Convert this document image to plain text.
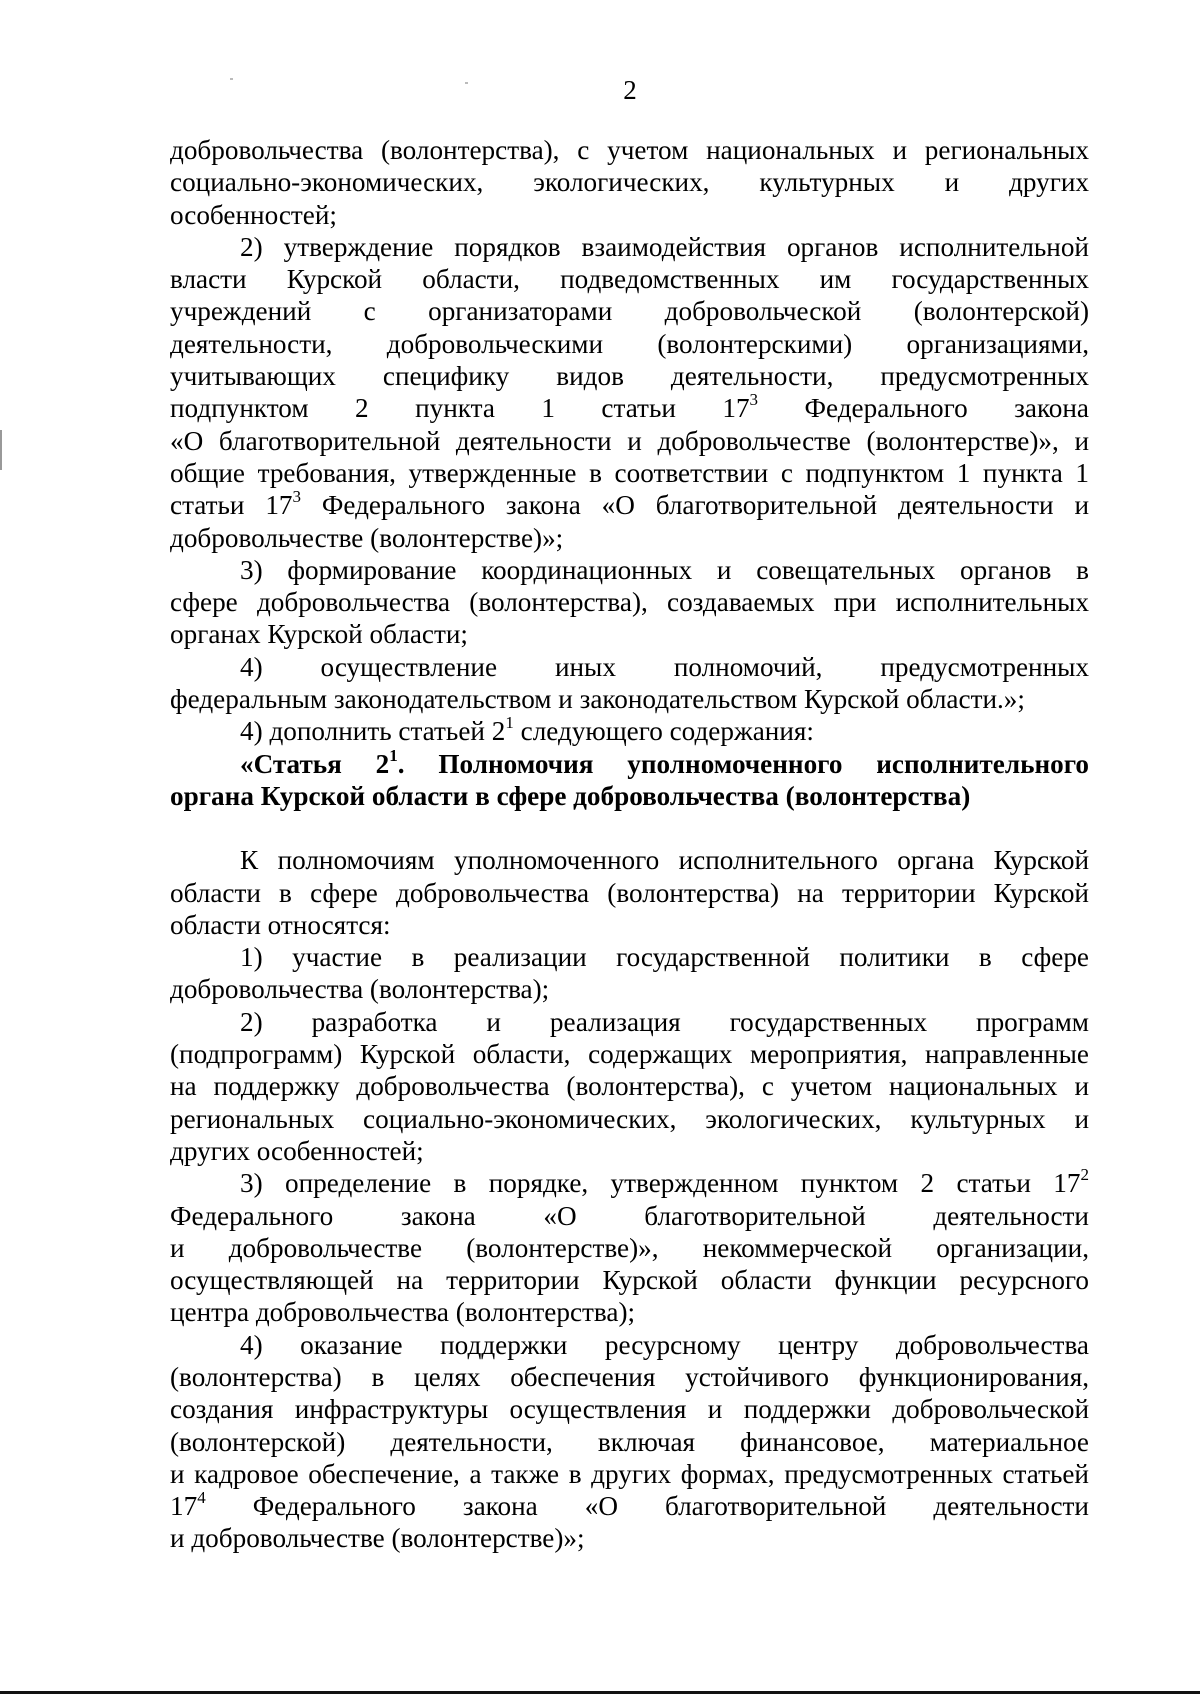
2

добровольчества (волонтерства), с учетом национальных и региональных

социально-экономических, экологических, культурных и других

особенностей;

2) утверждение порядков взаимодействия органов исполнительной

власти Курской области, подведомственных им государственных

учреждений с организаторами добровольческой (волонтерской)

деятельности, добровольческими (волонтерскими) организациями,

учитывающих специфику видов деятельности, предусмотренных

подпунктом 2 пункта 1 статьи $17^3$ Федерального закона

«О благотворительной деятельности и добровольчестве (волонтерстве)», и

общие требования, утвержденные в соответствии с подпунктом 1 пункта 1

статьи $17^3$ Федерального закона «О благотворительной деятельности и

добровольчестве (волонтерстве)»;

3) формирование координационных и совещательных органов в

сфере добровольчества (волонтерства), создаваемых при исполнительных

органах Курской области;

4) осуществление иных полномочий, предусмотренных

федеральным законодательством и законодательством Курской области.»;

4) дополнить статьей $2^1$ следующего содержания:

«Статья $2^1$. Полномочия уполномоченного исполнительного

органа Курской области в сфере добровольчества (волонтерства)

К полномочиям уполномоченного исполнительного органа Курской

области в сфере добровольчества (волонтерства) на территории Курской

области относятся:

1) участие в реализации государственной политики в сфере

добровольчества (волонтерства);

2) разработка и реализация государственных программ

(подпрограмм) Курской области, содержащих мероприятия, направленные

на поддержку добровольчества (волонтерства), с учетом национальных и

региональных социально-экономических, экологических, культурных и

других особенностей;

3) определение в порядке, утвержденном пунктом 2 статьи $17^2$

Федерального закона «О благотворительной деятельности

и добровольчестве (волонтерстве)», некоммерческой организации,

осуществляющей на территории Курской области функции ресурсного

центра добровольчества (волонтерства);

4) оказание поддержки ресурсному центру добровольчества

(волонтерства) в целях обеспечения устойчивого функционирования,

создания инфраструктуры осуществления и поддержки добровольческой

(волонтерской) деятельности, включая финансовое, материальное

и кадровое обеспечение, а также в других формах, предусмотренных статьей

$17^4$ Федерального закона «О благотворительной деятельности

и добровольчестве (волонтерстве)»;
